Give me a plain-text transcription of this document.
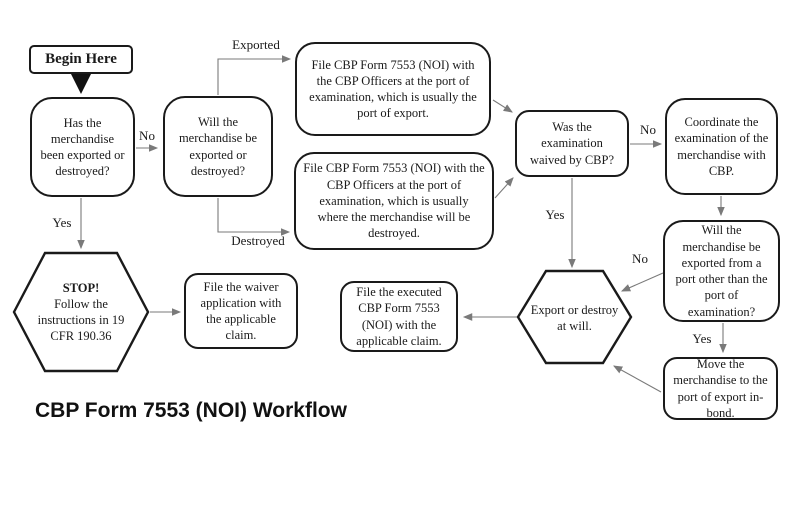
Begin Here
Has the merchandise been exported or destroyed?
Will the merchandise be exported or destroyed?
File CBP Form 7553 (NOI) with the CBP Officers at the port of examination, which is usually the port of export.
File CBP Form 7553 (NOI) with the CBP Officers at the port of examination, which is usually where the merchandise will be destroyed.
Was the examination waived by CBP?
Coordinate the examination of the merchandise with CBP.
Will the merchandise be exported from a port other than the port of examination?
Move the merchandise to the port of export in-bond.
Export or destroy at will.
File the executed CBP Form 7553 (NOI) with the applicable claim.
STOP!
Follow the instructions in 19 CFR 190.36
File the waiver application with the applicable claim.
No
Yes
Exported
Destroyed
No
Yes
No
Yes
CBP Form 7553 (NOI) Workflow
